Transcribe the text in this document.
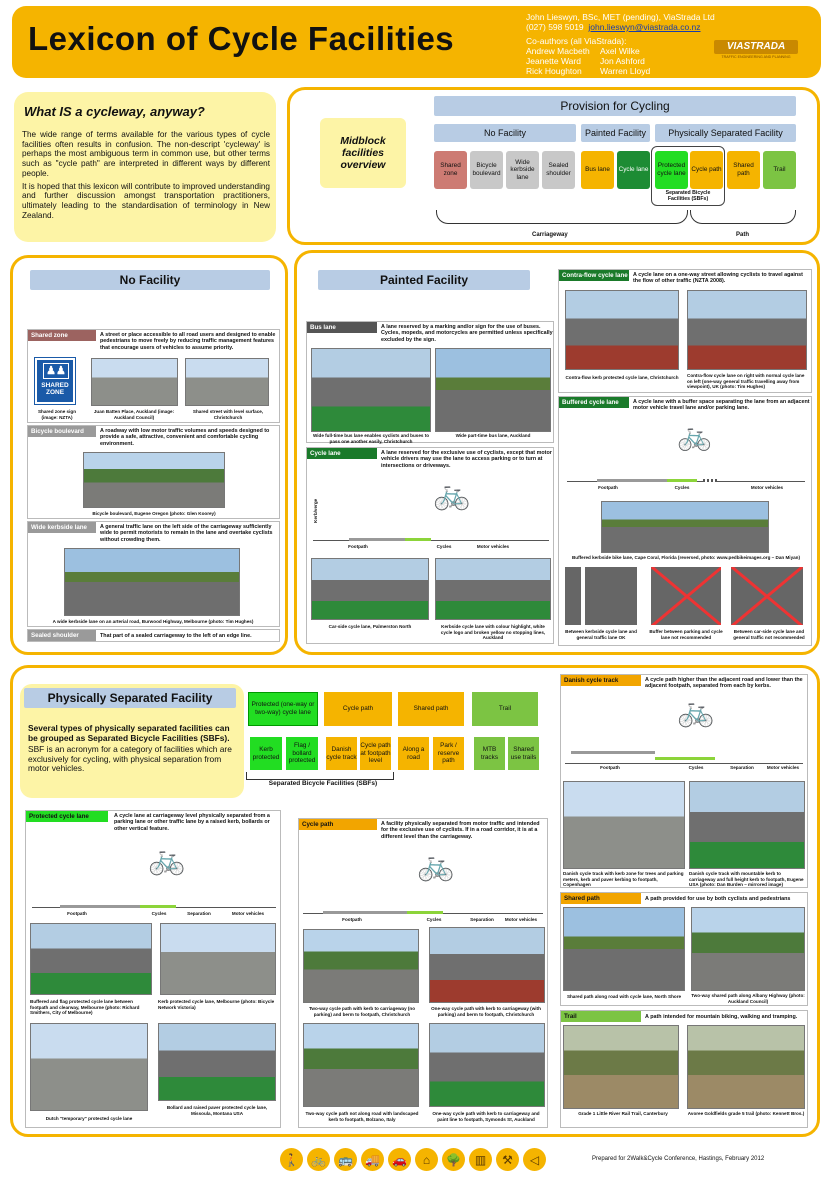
Lexicon of Cycle Facilities
John Lieswyn, BSc, MET (pending), ViaStrada Ltd
(027) 598 5019 john.lieswyn@viastrada.co.nz
Co-authors (all ViaStrada):
Andrew Macbeth	Axel Wilke
Jeanette Ward	Jon Ashford
Rick Houghton	Warren Lloyd
VIASTRADA
TRAFFIC ENGINEERING AND PLANNING
What IS a cycleway, anyway?

The wide range of terms available for the various types of cycle facilities often results in confusion. The non-descript 'cycleway' is perhaps the most ambiguous term in common use, but other terms such as "cycle path" are interpreted in different ways by different people.

It is hoped that this lexicon will contribute to improved understanding and further discussion amongst transportation practitioners, ultimately leading to the standardisation of terminology in New Zealand.

Midblock facilities overview
Provision for Cycling
No Facility	Painted Facility	Physically Separated Facility
Shared zone
Bicycle boulevard
Wide kerbside lane
Sealed shoulder
Bus lane	Cycle lane
Protected cycle lane
Cycle path
Shared path
Trail
Separated Bicycle Facilities (SBFs)
Carriageway	Path
No Facility
Shared zone	A street or place accessible to all road users and designed to enable pedestrians to move freely by reducing traffic management features that encourage users of vehicles to assume priority.
♟♟
SHARED
ZONE
Shared zone sign (image: NZTA)
Juan Batten Place, Auckland (image: Auckland Council)
Shared street with level surface, Christchurch
Bicycle boulevard	A roadway with low motor traffic volumes and speeds designed to provide a safe, attractive, convenient and comfortable cycling environment.
Bicycle boulevard, Eugene Oregon (photo: Glen Koorey)
Wide kerbside lane	A general traffic lane on the left side of the carriageway sufficiently wide to permit motorists to remain in the lane and overtake cyclists without crowding them.
A wide kerbside lane on an arterial road, Burwood Highway, Melbourne (photo: Tim Hughes)
Sealed shoulder	That part of a sealed carriageway to the left of an edge line.
Painted Facility
Bus lane	A lane reserved by a marking and/or sign for the use of buses. Cycles, mopeds, and motorcycles are permitted unless specifically excluded by the sign.
Wide full-time bus lane enables cyclists and buses to pass one another easily, Christchurch
Wide part-time bus lane, Auckland
Cycle lane	A lane reserved for the exclusive use of cyclists, except that motor vehicle drivers may use the lane to access parking or to turn at intersections or driveways.
🚲
Footpath	Cycles	Motor vehicles
Kerb/verge
Car-side cycle lane, Palmerston North	Kerbside cycle lane with colour highlight, white cycle logo and broken yellow no stopping lines, Auckland
Contra-flow cycle lane A cycle lane on a one-way street allowing cyclists to travel against the flow of other traffic (NZTA 2008).
Contra-flow kerb protected cycle lane, Christchurch Contra-flow cycle lane on right with normal cycle lane on left (one-way general traffic travelling away from viewpoint), UK (photo: Tim Hughes)
Buffered cycle lane	A cycle lane with a buffer space separating the lane from an adjacent motor vehicle travel lane and/or parking lane.
🚲
Footpath	Cycles	Motor vehicles
Buffered kerbside bike lane, Cape Coral, Florida (reversed, photo: www.pedbikeimages.org – Dan Miyan)
Between kerbside cycle lane and general traffic lane OK
Buffer between parking and cycle lane not recommended
Between car-side cycle lane and general traffic not recommended
Physically Separated Facility

Several types of physically separated facilities can be grouped as Separated Bicycle Facilities (SBFs).

SBF is an acronym for a category of facilities which are exclusively for cycling, with physical separation from motor vehicles.

Protected (one-way or two-way) cycle lane
Kerb protected
Flag / bollard protected
Cycle path
Danish cycle track
Cycle path at footpath level
Shared path
Along a road
Park / reserve path
Trail
MTB tracks
Shared use trails
Separated Bicycle Facilities (SBFs)
Protected cycle lane	A cycle lane at carriageway level physically separated from a parking lane or other traffic lane by a raised kerb, bollards or other vertical feature.
🚲
Footpath	Cycles	Separation	Motor vehicles
Buffered and flag protected cycle lane between footpath and clearway, Melbourne (photo: Richard Smithers, City of Melbourne)
Kerb protected cycle lane, Melbourne (photo: Bicycle Network Victoria)
Dutch "temporary" protected cycle lane
Bollard and raised paver protected cycle lane, Missoula, Montana USA
Cycle path	A facility physically separated from motor traffic and intended for the exclusive use of cyclists. If in a road corridor, it is at a different level than the carriageway.
🚲
Footpath	Cycles	Separation	Motor vehicles
Two-way cycle path with kerb to carriageway (no parking) and berm to footpath, Christchurch
One-way cycle path with kerb to carriageway (with parking) and berm to footpath, Christchurch
Two-way cycle path not along road with landscaped kerb to footpath, Bolzano, Italy
One-way cycle path with kerb to carriageway and paint line to footpath, Symonds St, Auckland
Danish cycle track	A cycle path higher than the adjacent road and lower than the adjacent footpath, separated from each by kerbs.
🚲
Footpath	Cycles	Separation	Motor vehicles
Danish cycle track with kerb zone for trees and parking meters, kerb and paver kerbing to footpath, Copenhagen
Danish cycle track with mountable kerb to carriageway and full height kerb to footpath, Eugene USA (photo: Dan Burden – mirrored image)
Shared path	A path provided for use by both cyclists and pedestrians
Shared path along road with cycle lane, North Shore	Two-way shared path along Albany Highway (photo: Auckland Council)
Trail	A path intended for mountain biking, walking and tramping.
Grade 1 Little River Rail Trail, Canterbury	Avoree Goldfields grade 5 trail (photo: Kennett Bros.)
🚶	🚲	🚌	🚚	🚗	⌂	🌳	▥	⚒	◁	Prepared for 2Walk&Cycle Conference, Hastings, February 2012
